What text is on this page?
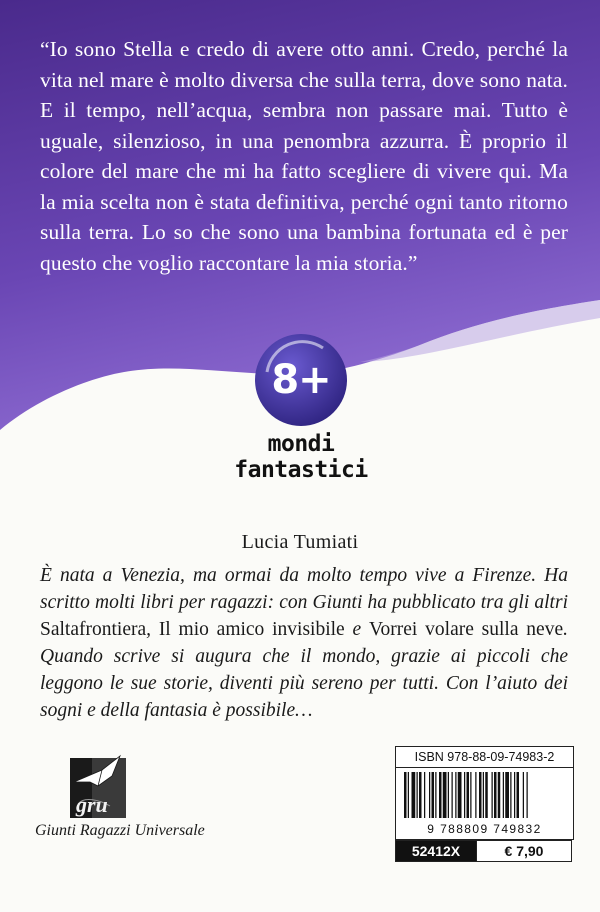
“Io sono Stella e credo di avere otto anni. Credo, perché la vita nel mare è molto diversa che sulla terra, dove sono nata. E il tempo, nell’acqua, sembra non passare mai. Tutto è uguale, silenzioso, in una penombra azzurra. È proprio il colore del mare che mi ha fatto scegliere di vivere qui. Ma la mia scelta non è stata definitiva, perché ogni tanto ritorno sulla terra. Lo so che sono una bambina fortunata ed è per questo che voglio raccontare la mia storia.”
8+
mondi fantastici
Lucia Tumiati
È nata a Venezia, ma ormai da molto tempo vive a Firenze. Ha scritto molti libri per ragazzi: con Giunti ha pubblicato tra gli altri Saltafrontiera, Il mio amico invisibile e Vorrei volare sulla neve. Quando scrive si augura che il mondo, grazie ai piccoli che leggono le sue storie, diventi più sereno per tutti. Con l’aiuto dei sogni e della fantasia è possibile…
gru
Giunti Ragazzi Universale
ISBN 978-88-09-74983-2
9 788809 749832
52412X	€ 7,90
